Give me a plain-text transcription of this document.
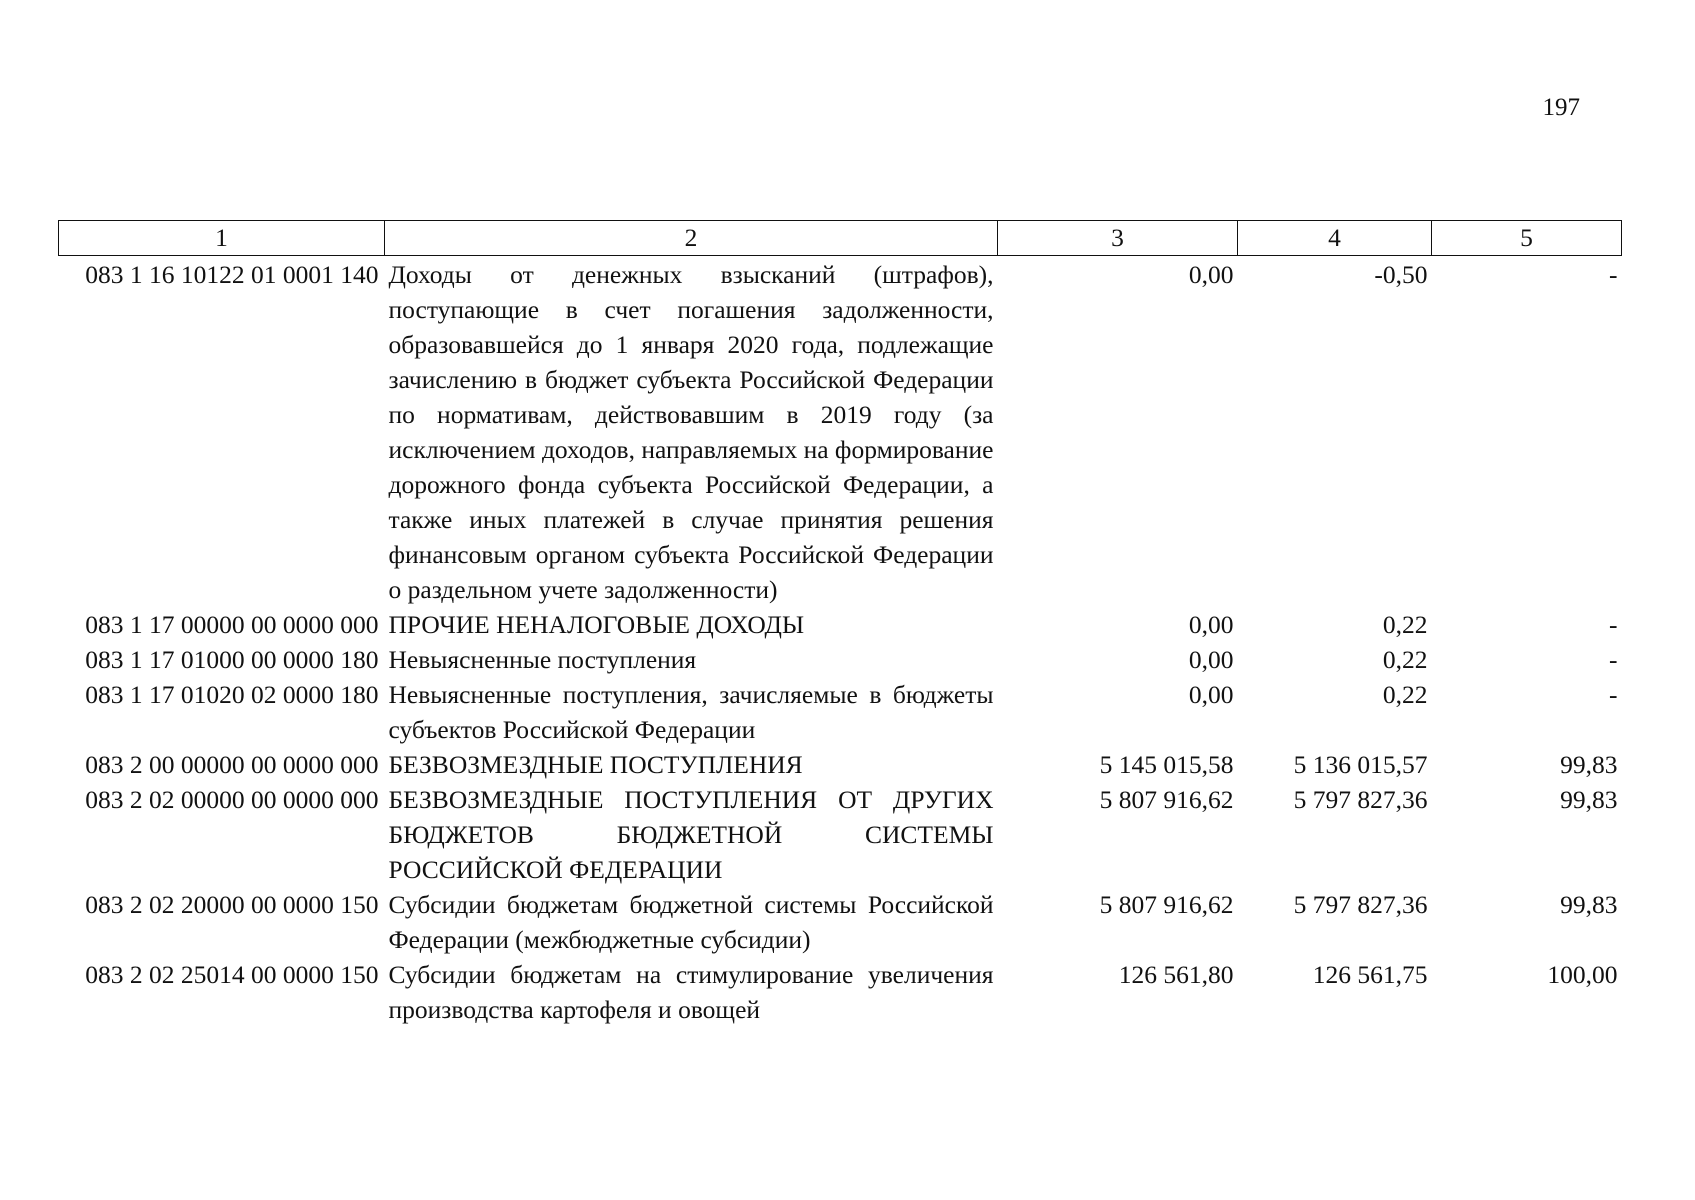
197
1	2	3	4	5
083 1 16 10122 01 0001 140	Доходы от денежных взысканий (штрафов), поступающие в счет погашения задолженности, образовавшейся до 1 января 2020 года, подлежащие зачислению в бюджет субъекта Российской Федерации по нормативам, действовавшим в 2019 году (за исключением доходов, направляемых на формирование дорожного фонда субъекта Российской Федерации, а также иных платежей в случае принятия решения финансовым органом субъекта Российской Федерации о раздельном учете задолженности)	0,00	-0,50	-
083 1 17 00000 00 0000 000	ПРОЧИЕ НЕНАЛОГОВЫЕ ДОХОДЫ	0,00	0,22	-
083 1 17 01000 00 0000 180	Невыясненные поступления	0,00	0,22	-
083 1 17 01020 02 0000 180	Невыясненные поступления, зачисляемые в бюджеты субъектов Российской Федерации	0,00	0,22	-
083 2 00 00000 00 0000 000	БЕЗВОЗМЕЗДНЫЕ ПОСТУПЛЕНИЯ	5 145 015,58	5 136 015,57	99,83
083 2 02 00000 00 0000 000	БЕЗВОЗМЕЗДНЫЕ ПОСТУПЛЕНИЯ ОТ ДРУГИХ БЮДЖЕТОВ БЮДЖЕТНОЙ СИСТЕМЫ РОССИЙСКОЙ ФЕДЕРАЦИИ	5 807 916,62	5 797 827,36	99,83
083 2 02 20000 00 0000 150	Субсидии бюджетам бюджетной системы Российской Федерации (межбюджетные субсидии)	5 807 916,62	5 797 827,36	99,83
083 2 02 25014 00 0000 150	Субсидии бюджетам на стимулирование увеличения производства картофеля и овощей	126 561,80	126 561,75	100,00
